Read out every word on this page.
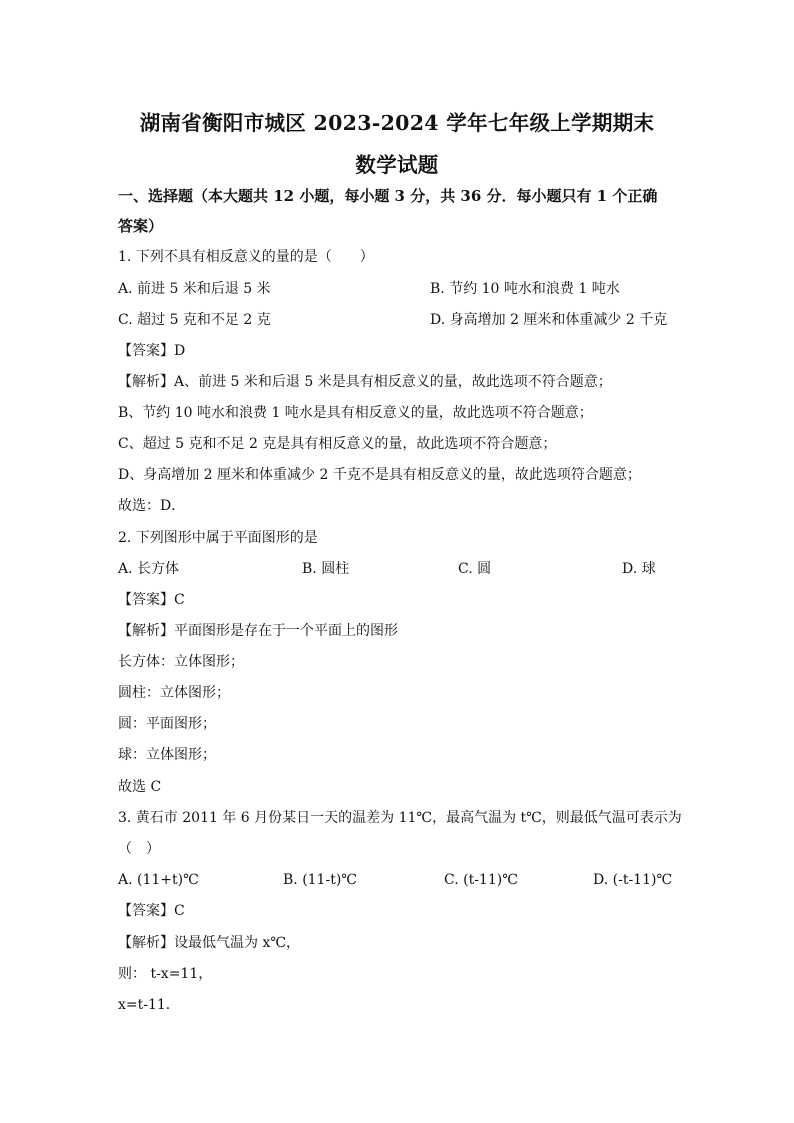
湖南省衡阳市城区 2023-2024 学年七年级上学期期末
数学试题
一、选择题（本大题共 12 小题，每小题 3 分，共 36 分．每小题只有 1 个正确
答案）
1. 下列不具有相反意义的量的是（　　）
A. 前进 5 米和后退 5 米	B. 节约 10 吨水和浪费 1 吨水
C. 超过 5 克和不足 2 克	D. 身高增加 2 厘米和体重减少 2 千克
【答案】D
【解析】A、前进 5 米和后退 5 米是具有相反意义的量，故此选项不符合题意；
B、节约 10 吨水和浪费 1 吨水是具有相反意义的量，故此选项不符合题意；
C、超过 5 克和不足 2 克是具有相反意义的量，故此选项不符合题意；
D、身高增加 2 厘米和体重减少 2 千克不是具有相反意义的量，故此选项符合题意；
故选：D．
2. 下列图形中属于平面图形的是
A. 长方体	B. 圆柱	C. 圆	D. 球
【答案】C
【解析】平面图形是存在于一个平面上的图形
长方体：立体图形；
圆柱：立体图形；
圆：平面图形；
球：立体图形；
故选 C
3. 黄石市 2011 年 6 月份某日一天的温差为 11℃，最高气温为 t℃，则最低气温可表示为
（　）
A. (11+t)℃	B. (11-t)℃	C. (t-11)℃	D. (-t-11)℃
【答案】C
【解析】设最低气温为 x℃，
则： t-x=11，
x=t-11．
